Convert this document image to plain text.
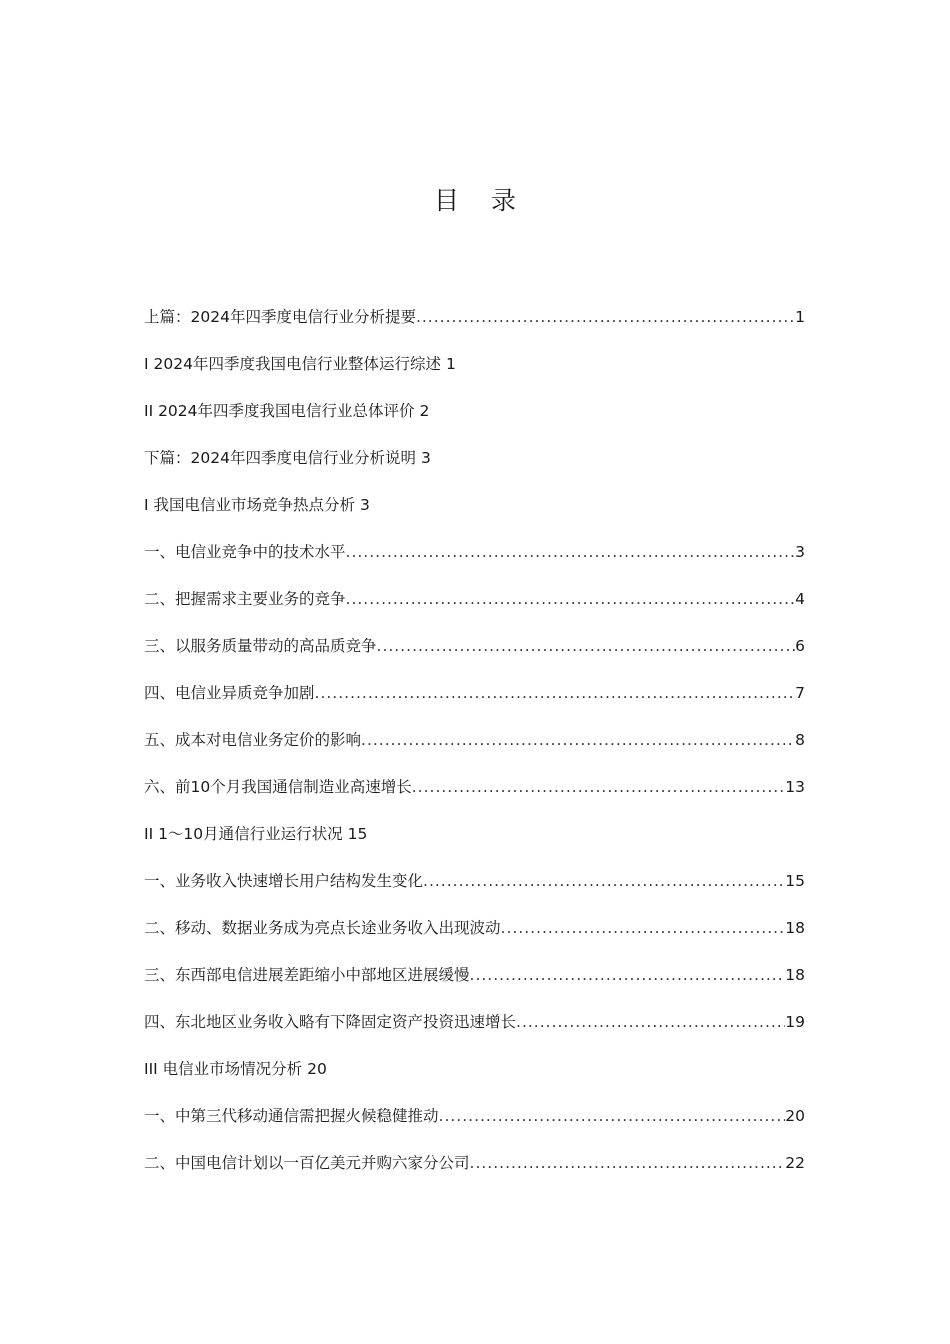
目 录
上篇：2024年四季度电信行业分析提要 .....	1
I 2024年四季度我国电信行业整体运行综述 1
II 2024年四季度我国电信行业总体评价 2
下篇：2024年四季度电信行业分析说明 3
I 我国电信业市场竞争热点分析 3
一、电信业竞争中的技术水平 .....	3
二、把握需求主要业务的竞争 .....	4
三、以服务质量带动的高品质竞争 .....	6
四、电信业异质竞争加剧 .....	7
五、成本对电信业务定价的影响 .....	8
六、前10个月我国通信制造业高速增长 .....	13
II 1～10月通信行业运行状况 15
一、业务收入快速增长用户结构发生变化 .....	15
二、移动、数据业务成为亮点长途业务收入出现波动 .....	18
三、东西部电信进展差距缩小中部地区进展缓慢 .....	18
四、东北地区业务收入略有下降固定资产投资迅速增长 .....	19
III 电信业市场情况分析 20
一、中第三代移动通信需把握火候稳健推动 .....	20
二、中国电信计划以一百亿美元并购六家分公司 .....	22
